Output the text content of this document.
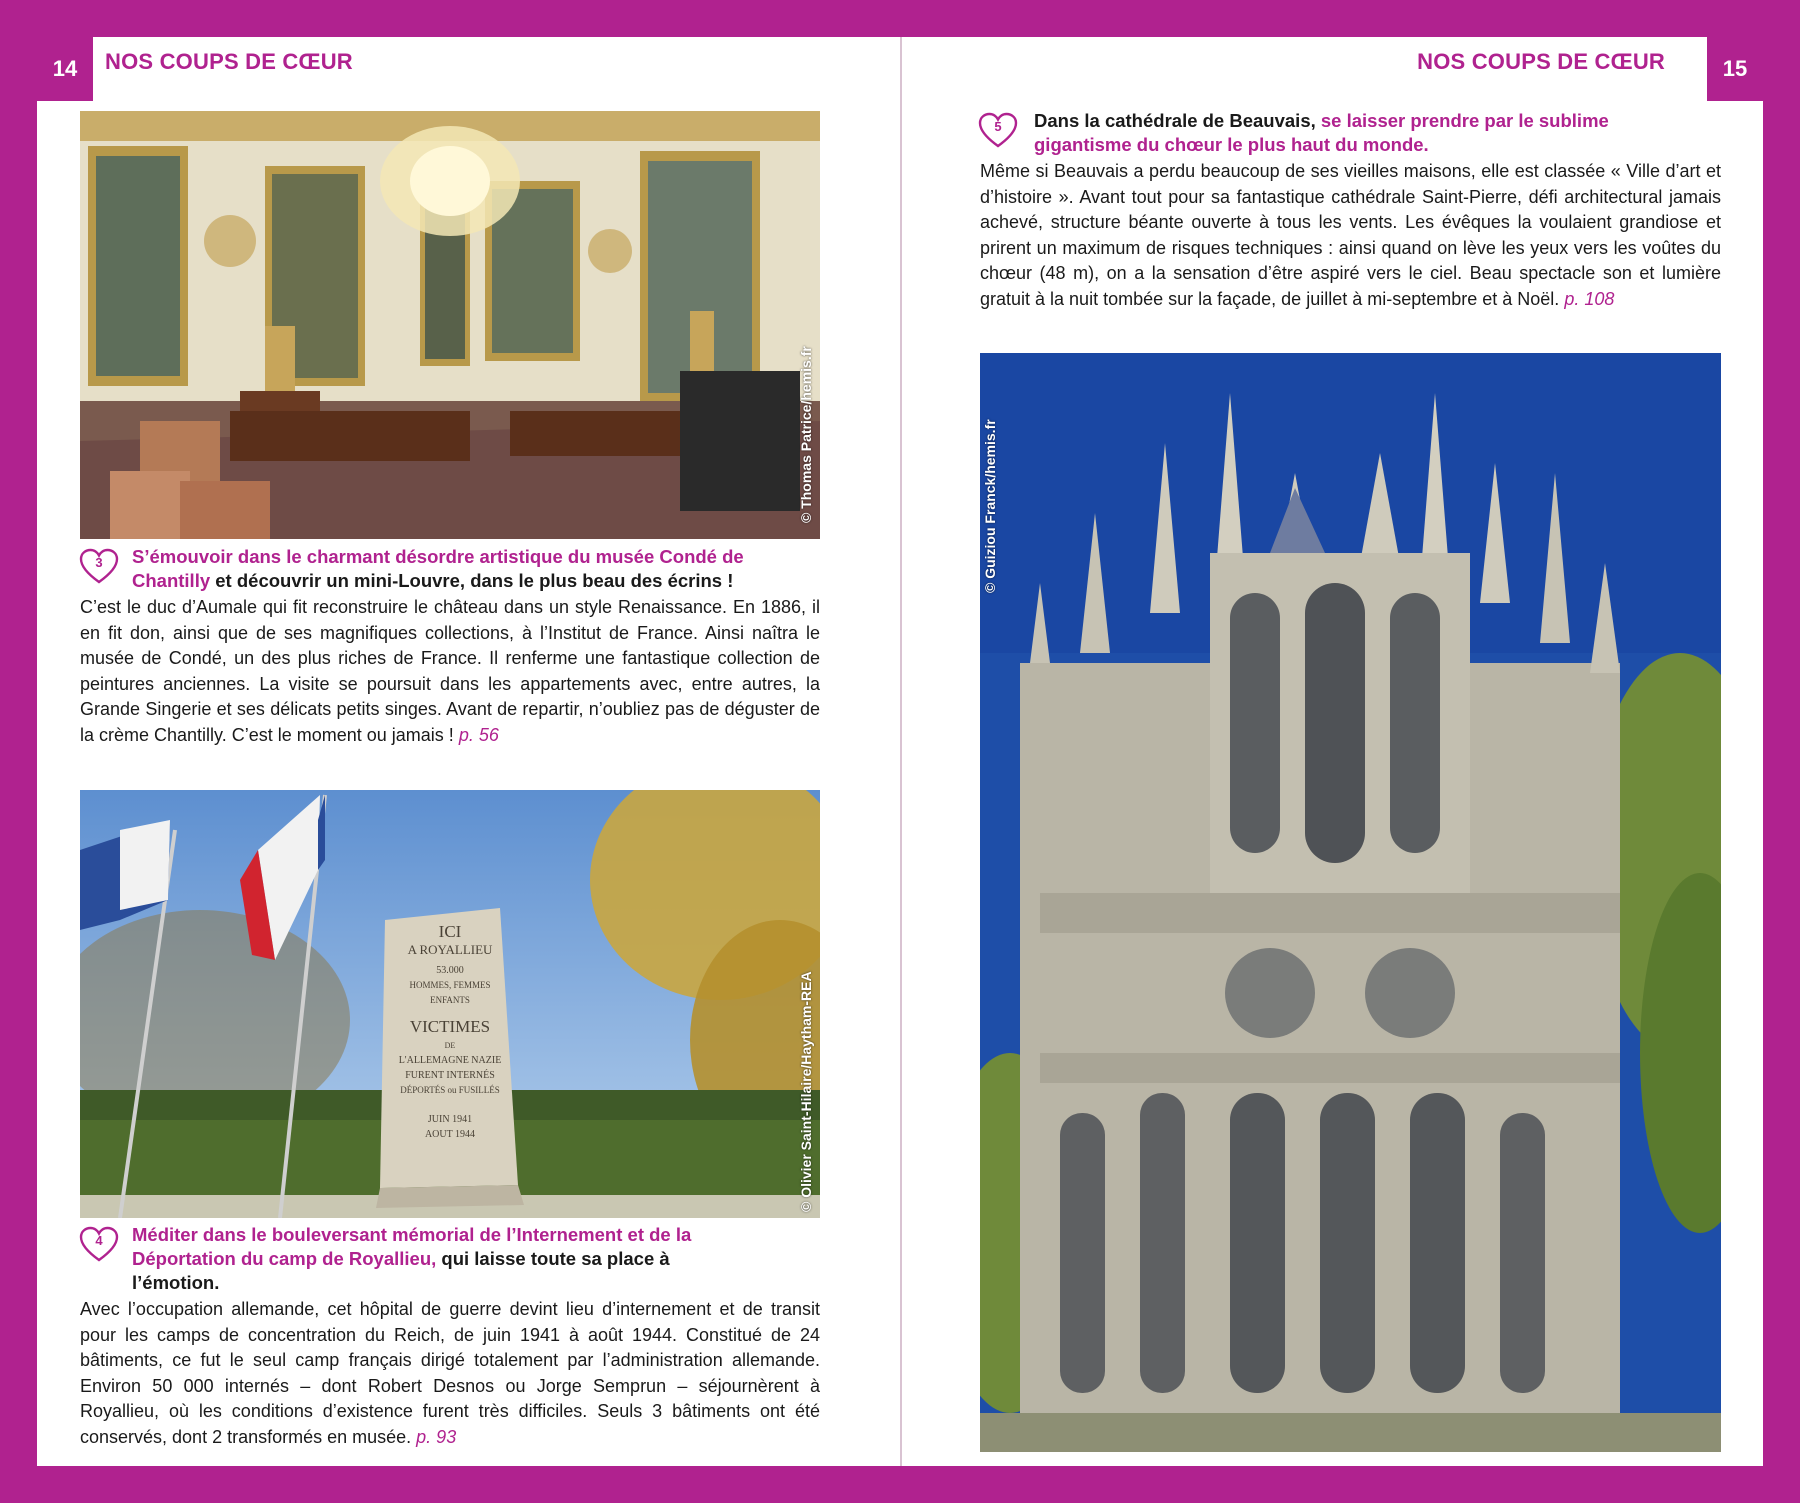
14	NOS COUPS DE CŒUR
© Thomas Patrice/hemis.fr
3	S’émouvoir dans le charmant désordre artistique du musée Condé de Chantilly et découvrir un mini-Louvre, dans le plus beau des écrins !

C’est le duc d’Aumale qui fit reconstruire le château dans un style Renaissance. En 1886, il en fit don, ainsi que de ses magnifiques collections, à l’Institut de France. Ainsi naîtra le musée de Condé, un des plus riches de France. Il renferme une fantastique collection de peintures anciennes. La visite se poursuit dans les appartements avec, entre autres, la Grande Singerie et ses délicats petits singes. Avant de repartir, n’oubliez pas de déguster de la crème Chantilly. C’est le moment ou jamais ! p. 56

ICI
A ROYALLIEU
53.000
HOMMES, FEMMES
ENFANTS
VICTIMES
DE
L'ALLEMAGNE NAZIE
FURENT INTERNÉS
DÉPORTÉS ou FUSILLÉS
JUIN 1941
AOUT 1944	© Olivier Saint-Hilaire/Haytham-REA
4	Méditer dans le bouleversant mémorial de l’Internement et de la Déportation du camp de Royallieu, qui laisse toute sa place à l’émotion.

Avec l’occupation allemande, cet hôpital de guerre devint lieu d’internement et de transit pour les camps de concentration du Reich, de juin 1941 à août 1944. Constitué de 24 bâtiments, ce fut le seul camp français dirigé totalement par l’administration allemande. Environ 50 000 internés – dont Robert Desnos ou Jorge Semprun – séjournèrent à Royallieu, où les conditions d’existence furent très difficiles. Seuls 3 bâtiments ont été conservés, dont 2 transformés en musée. p. 93

15
NOS COUPS DE CŒUR
5	Dans la cathédrale de Beauvais, se laisser prendre par le sublime gigantisme du chœur le plus haut du monde.

Même si Beauvais a perdu beaucoup de ses vieilles maisons, elle est classée « Ville d’art et d’histoire ». Avant tout pour sa fantastique cathédrale Saint-Pierre, défi architectural jamais achevé, structure béante ouverte à tous les vents. Les évêques la voulaient grandiose et prirent un maximum de risques techniques : ainsi quand on lève les yeux vers les voûtes du chœur (48 m), on a la sensation d’être aspiré vers le ciel. Beau spectacle son et lumière gratuit à la nuit tombée sur la façade, de juillet à mi-septembre et à Noël. p. 108

© Guiziou Franck/hemis.fr
